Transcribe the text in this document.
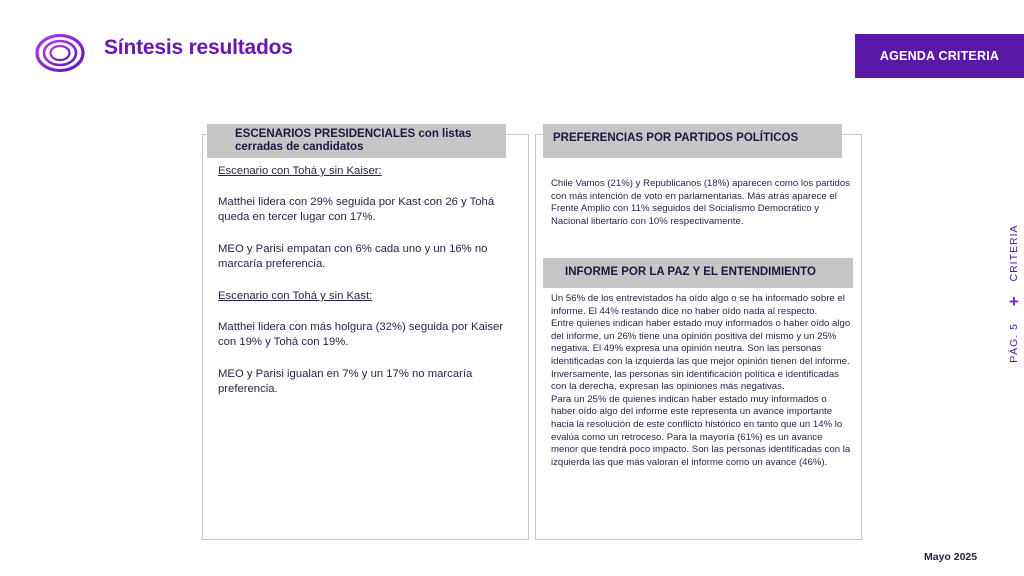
Síntesis resultados	AGENDA CRITERIA
CRITERIA
+
PÁG. 5
ESCENARIOS PRESIDENCIALES con listas cerradas de candidatos
PREFERENCIAS POR PARTIDOS POLÍTICOS
INFORME POR LA PAZ Y EL ENTENDIMIENTO

Escenario con Tohá y sin Kaiser:

Matthei lidera con 29% seguida por Kast con 26 y Tohá queda en tercer lugar con 17%.

MEO y Parisi empatan con 6% cada uno y un 16% no marcaría preferencia.

Escenario con Tohá y sin Kast:

Matthei lidera con más holgura (32%) seguida por Kaiser con 19% y Tohá con 19%.

MEO y Parisi igualan en 7% y un 17% no marcaría preferencia.

Chile Vamos (21%) y Republicanos (18%) aparecen como los partidos con más intención de voto en parlamentarias. Más atrás aparece el Frente Amplio con 11% seguidos del Socialismo Democrático y Nacional libertario con 10% respectivamente.

Un 56% de los entrevistados ha oído algo o se ha informado sobre el informe. El 44% restando dice no haber oído nada al respecto.

Entre quienes indican haber estado muy informados o haber oído algo del informe, un 26% tiene una opinión positiva del mismo y un 25% negativa. El 49% expresa una opinión neutra. Son las personas identificadas con la izquierda las que mejor opinión tienen del informe. Inversamente, las personas sin identificación política e identificadas con la derecha, expresan las opiniones más negativas.

Para un 25% de quienes indican haber estado muy informados o haber oído algo del informe este representa un avance importante hacia la resolución de este conflicto histórico en tanto que un 14% lo evalúa como un retroceso. Para la mayoría (61%) es un avance menor que tendrá poco impacto. Son las personas identificadas con la izquierda las que más valoran el informe como un avance (46%).

Mayo 2025
